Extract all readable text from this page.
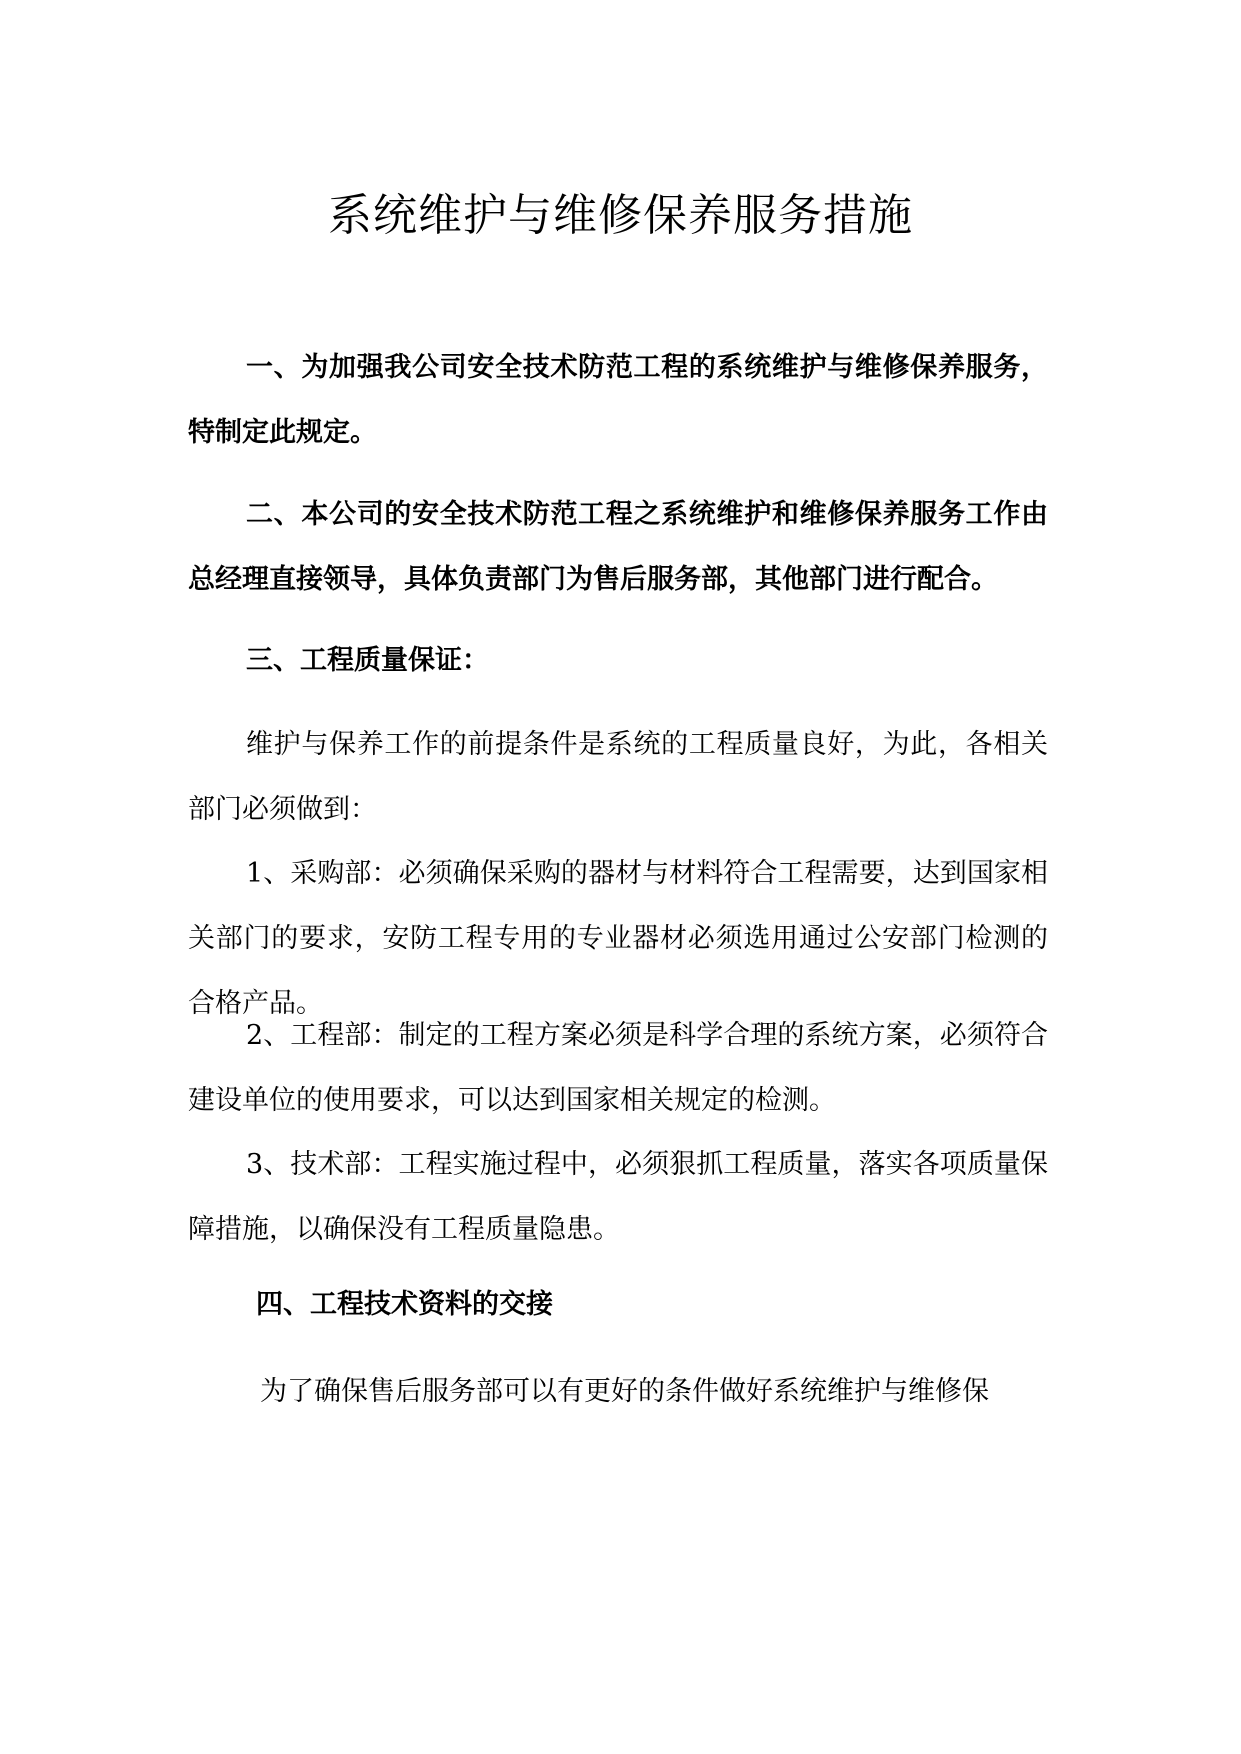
系统维护与维修保养服务措施

一、为加强我公司安全技术防范工程的系统维护与维修保养服务，特制定此规定。

二、本公司的安全技术防范工程之系统维护和维修保养服务工作由总经理直接领导，具体负责部门为售后服务部，其他部门进行配合。

三、工程质量保证：

维护与保养工作的前提条件是系统的工程质量良好，为此，各相关部门必须做到：

1、采购部：必须确保采购的器材与材料符合工程需要，达到国家相关部门的要求，安防工程专用的专业器材必须选用通过公安部门检测的合格产品。

2、工程部：制定的工程方案必须是科学合理的系统方案，必须符合建设单位的使用要求，可以达到国家相关规定的检测。

3、技术部：工程实施过程中，必须狠抓工程质量，落实各项质量保障措施，以确保没有工程质量隐患。

四、工程技术资料的交接

为了确保售后服务部可以有更好的条件做好系统维护与维修保
